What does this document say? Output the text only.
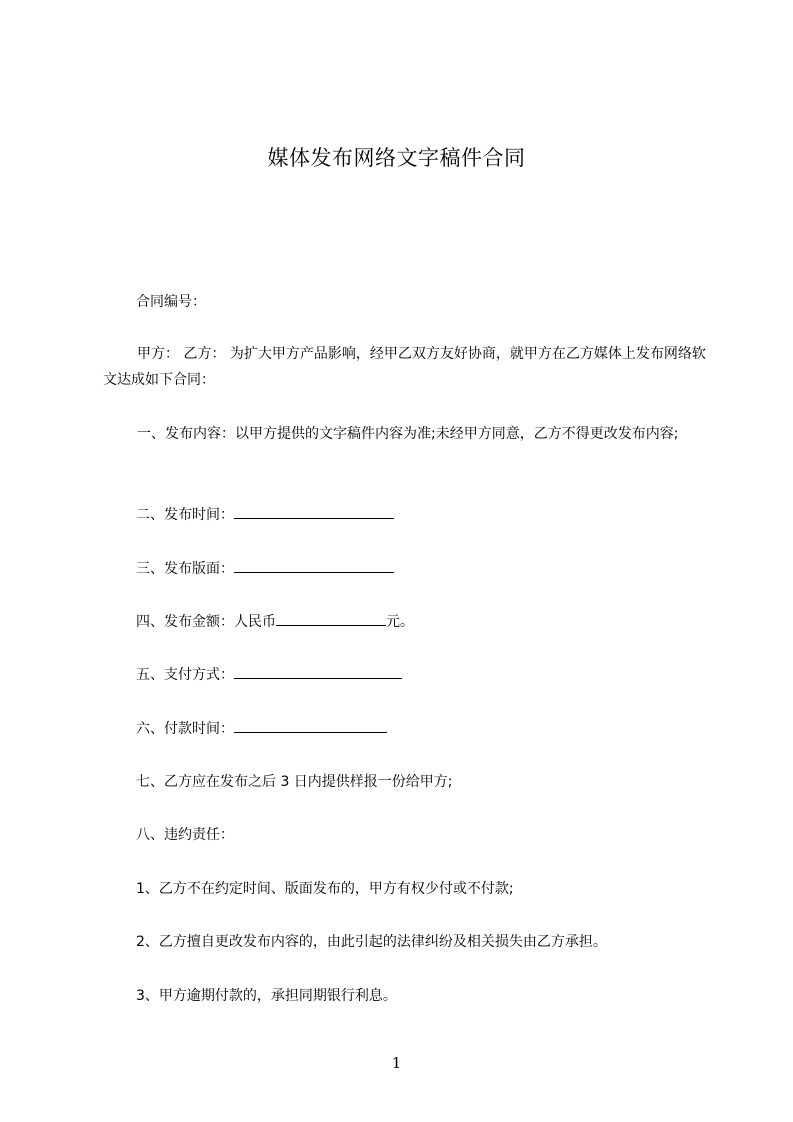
媒体发布网络文字稿件合同

合同编号：

甲方： 乙方： 为扩大甲方产品影响，经甲乙双方友好协商，就甲方在乙方媒体上发布网络软文达成如下合同：

一、发布内容：以甲方提供的文字稿件内容为准;未经甲方同意，乙方不得更改发布内容;

二、发布时间：

三、发布版面：

四、发布金额：人民币	元。

五、支付方式：

六、付款时间：

七、乙方应在发布之后 3 日内提供样报一份给甲方;

八、违约责任：

1、乙方不在约定时间、版面发布的，甲方有权少付或不付款;

2、乙方擅自更改发布内容的，由此引起的法律纠纷及相关损失由乙方承担。

3、甲方逾期付款的，承担同期银行利息。

1
